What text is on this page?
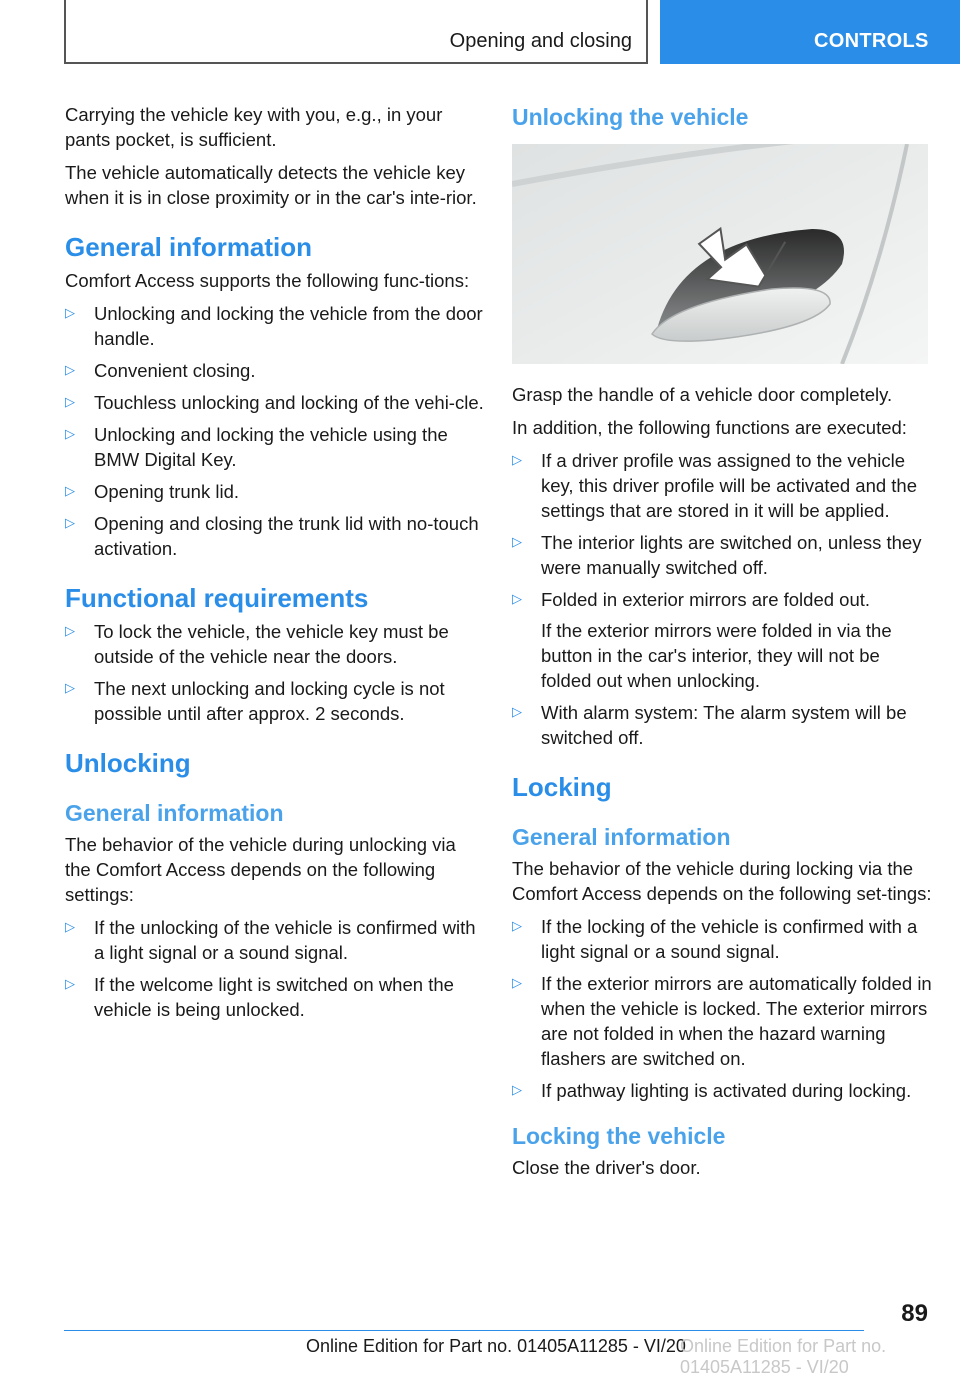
Opening and closing	CONTROLS

Carrying the vehicle key with you, e.g., in your pants pocket, is sufficient.

The vehicle automatically detects the vehicle key when it is in close proximity or in the car's inte-rior.

General information

Comfort Access supports the following func-tions:

▷ Unlocking and locking the vehicle from the door handle.
▷ Convenient closing.
▷ Touchless unlocking and locking of the vehi-cle.
▷ Unlocking and locking the vehicle using the BMW Digital Key.
▷ Opening trunk lid.
▷ Opening and closing the trunk lid with no-touch activation.
Functional requirements
▷ To lock the vehicle, the vehicle key must be outside of the vehicle near the doors.
▷ The next unlocking and locking cycle is not possible until after approx. 2 seconds.
Unlocking
General information

The behavior of the vehicle during unlocking via the Comfort Access depends on the following settings:

▷ If the unlocking of the vehicle is confirmed with a light signal or a sound signal.
▷ If the welcome light is switched on when the vehicle is being unlocked.
Unlocking the vehicle

Grasp the handle of a vehicle door completely.

In addition, the following functions are executed:

▷ If a driver profile was assigned to the vehicle key, this driver profile will be activated and the settings that are stored in it will be applied.
▷ The interior lights are switched on, unless they were manually switched off.
▷ Folded in exterior mirrors are folded out.
If the exterior mirrors were folded in via the button in the car's interior, they will not be folded out when unlocking.
▷ With alarm system: The alarm system will be switched off.
Locking
General information

The behavior of the vehicle during locking via the Comfort Access depends on the following set-tings:

▷ If the locking of the vehicle is confirmed with a light signal or a sound signal.
▷ If the exterior mirrors are automatically folded in when the vehicle is locked. The exterior mirrors are not folded in when the hazard warning flashers are switched on.
▷ If pathway lighting is activated during locking.
Locking the vehicle

Close the driver's door.

89
Online Edition for Part no. 01405A11285 - VI/20
Online Edition for Part no. 01405A11285 - VI/20
